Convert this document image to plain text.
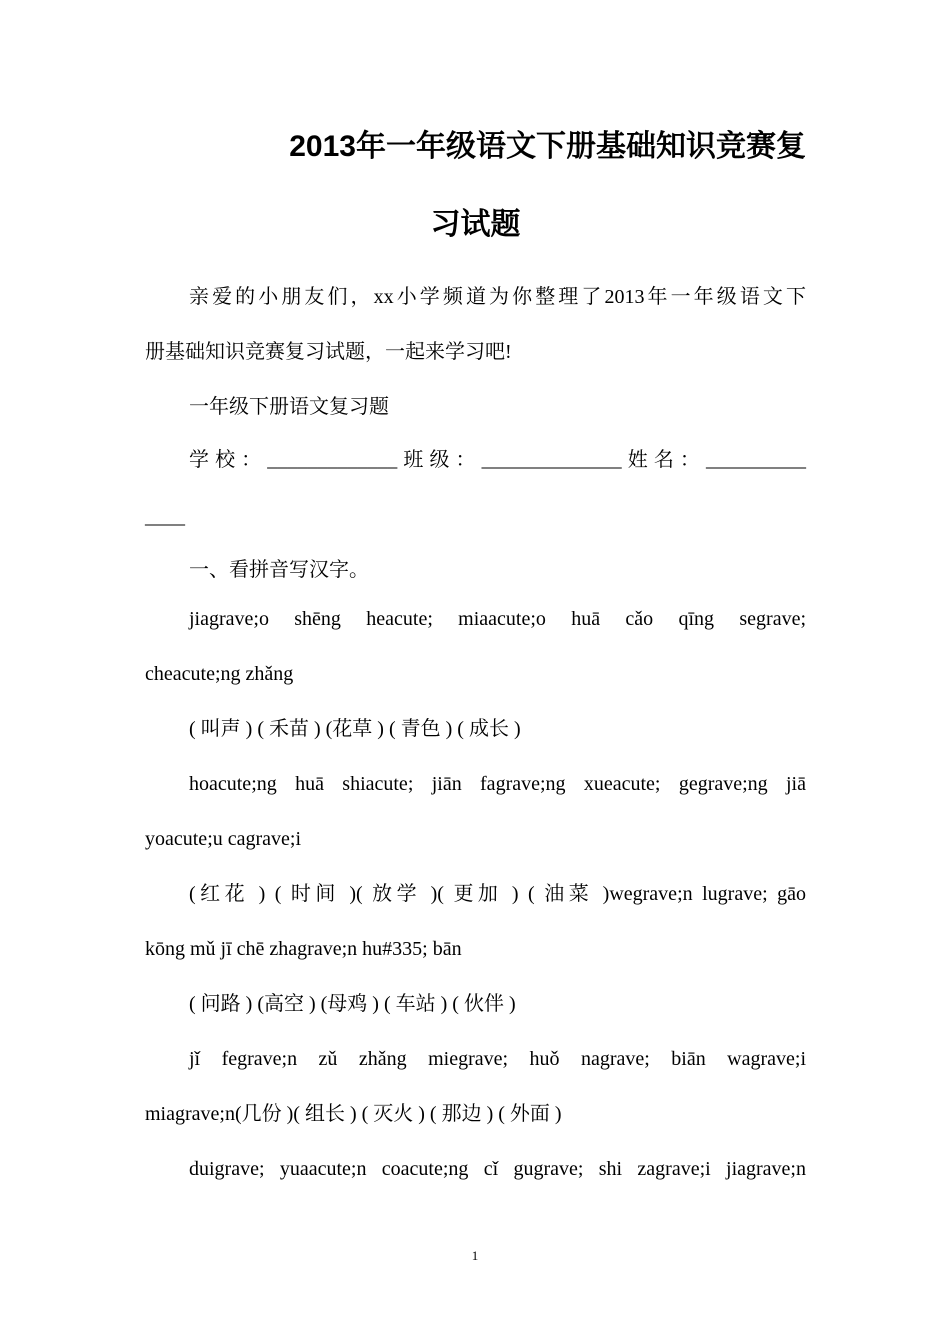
2013年一年级语文下册基础知识竞赛复
习试题
亲爱的小朋友们，xx小学频道为你整理了2013年一年级语文下
册基础知识竞赛复习试题，一起来学习吧!
一年级下册语文复习题
学校：_____________班级：______________姓名：__________
____
一、看拼音写汉字。
jiagrave;o shēng heacute; miaacute;o huā cǎo qīng segrave;
cheacute;ng zhǎng
( 叫声 ) ( 禾苗 ) (花草 ) ( 青色 ) ( 成长 )
hoacute;ng huā shiacute; jiān fagrave;ng xueacute; gegrave;ng jiā
yoacute;u cagrave;i
(红花 ) ( 时间 )( 放学 )( 更加 ) ( 油菜 )wegrave;n lugrave; gāo
kōng mǔ jī chē zhagrave;n hu#335; bān
( 问路 ) (高空 ) (母鸡 ) ( 车站 ) ( 伙伴 )
jǐ fegrave;n zǔ zhǎng miegrave; huǒ nagrave; biān wagrave;i
miagrave;n(几份 )( 组长 ) ( 灭火 ) ( 那边 ) ( 外面 )
duigrave; yuaacute;n coacute;ng cǐ gugrave; shi zagrave;i jiagrave;n
1
